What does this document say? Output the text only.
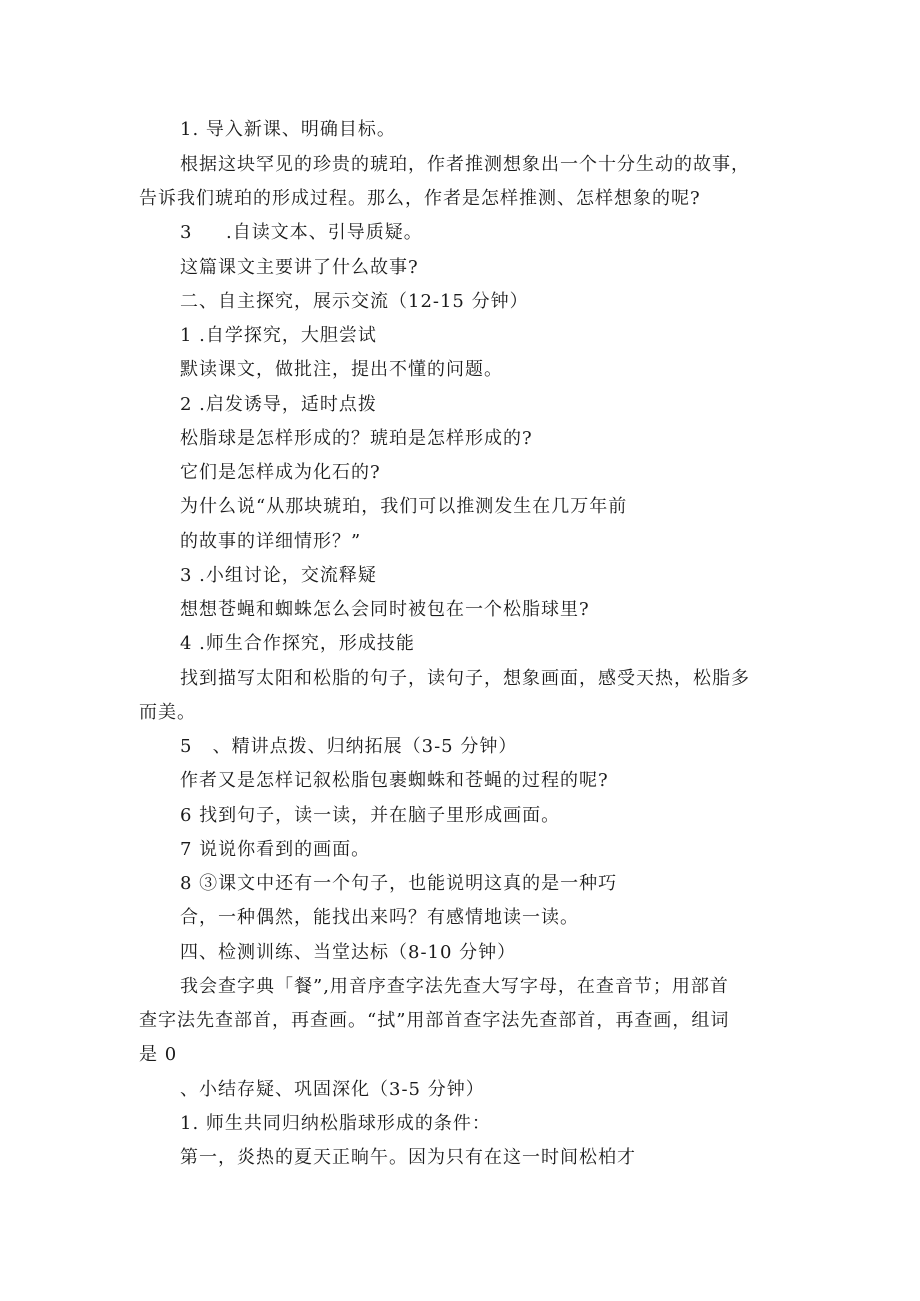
1. 导入新课、明确目标。
根据这块罕见的珍贵的琥珀，作者推测想象出一个十分生动的故事，
告诉我们琥珀的形成过程。那么，作者是怎样推测、怎样想象的呢?
3     .自读文本、引导质疑。
这篇课文主要讲了什么故事?
二、自主探究，展示交流（12-15 分钟）
1 .自学探究，大胆尝试
默读课文，做批注，提出不懂的问题。
2 .启发诱导，适时点拨
松脂球是怎样形成的？琥珀是怎样形成的?
它们是怎样成为化石的?
为什么说“从那块琥珀，我们可以推测发生在几万年前
的故事的详细情形？”
3 .小组讨论，交流释疑
想想苍蝇和蜘蛛怎么会同时被包在一个松脂球里?
4 .师生合作探究，形成技能
找到描写太阳和松脂的句子，读句子，想象画面，感受天热，松脂多
而美。
5   、精讲点拨、归纳拓展（3-5 分钟）
作者又是怎样记叙松脂包裹蜘蛛和苍蝇的过程的呢?
6 找到句子，读一读，并在脑子里形成画面。
7 说说你看到的画面。
8 ③课文中还有一个句子，也能说明这真的是一种巧
合，一种偶然，能找出来吗？有感情地读一读。
四、检测训练、当堂达标（8-10 分钟）
我会查字典「餐”,用音序查字法先查大写字母，在查音节；用部首
查字法先查部首，再查画。“拭”用部首查字法先查部首，再查画，组词
是 0
、小结存疑、巩固深化（3-5 分钟）
1. 师生共同归纳松脂球形成的条件：
第一，炎热的夏天正晌午。因为只有在这一时间松柏才
